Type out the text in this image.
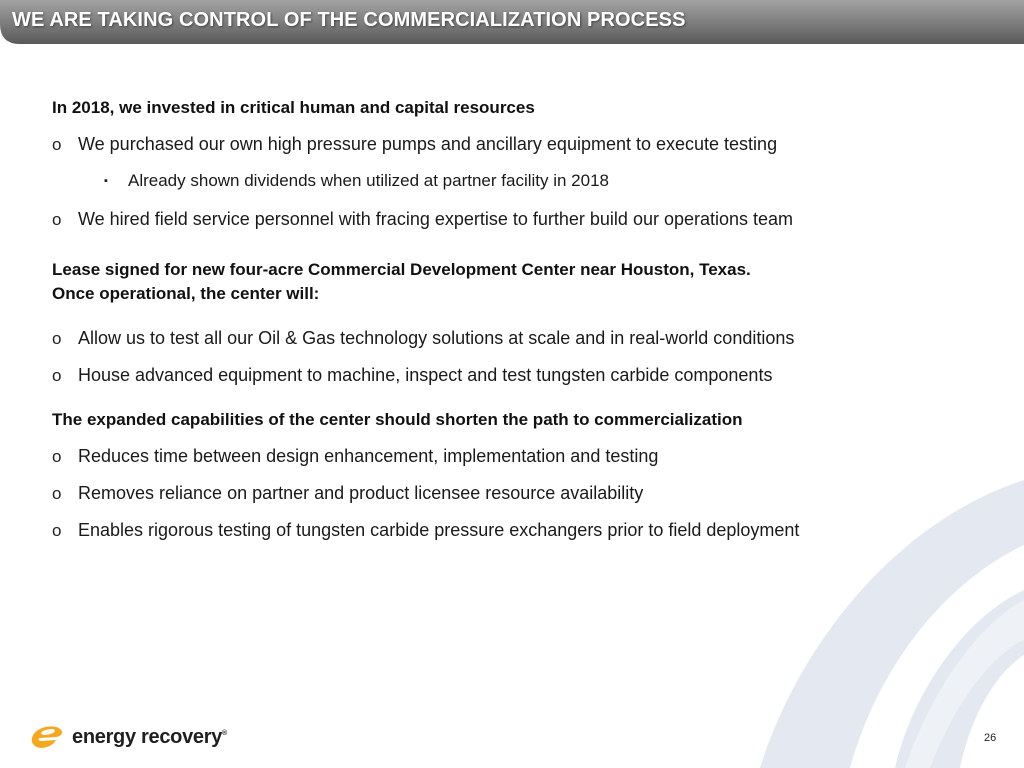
WE ARE TAKING CONTROL OF THE COMMERCIALIZATION PROCESS
In 2018, we invested in critical human and capital resources
o We purchased our own high pressure pumps and ancillary equipment to execute testing
▪	Already shown dividends when utilized at partner facility in 2018
o We hired field service personnel with fracing expertise to further build our operations team
Lease signed for new four-acre Commercial Development Center near Houston, Texas.
Once operational, the center will:
o Allow us to test all our Oil & Gas technology solutions at scale and in real-world conditions
o House advanced equipment to machine, inspect and test tungsten carbide components
The expanded capabilities of the center should shorten the path to commercialization
o Reduces time between design enhancement, implementation and testing
o Removes reliance on partner and product licensee resource availability
o Enables rigorous testing of tungsten carbide pressure exchangers prior to field deployment
energy recovery®	26
